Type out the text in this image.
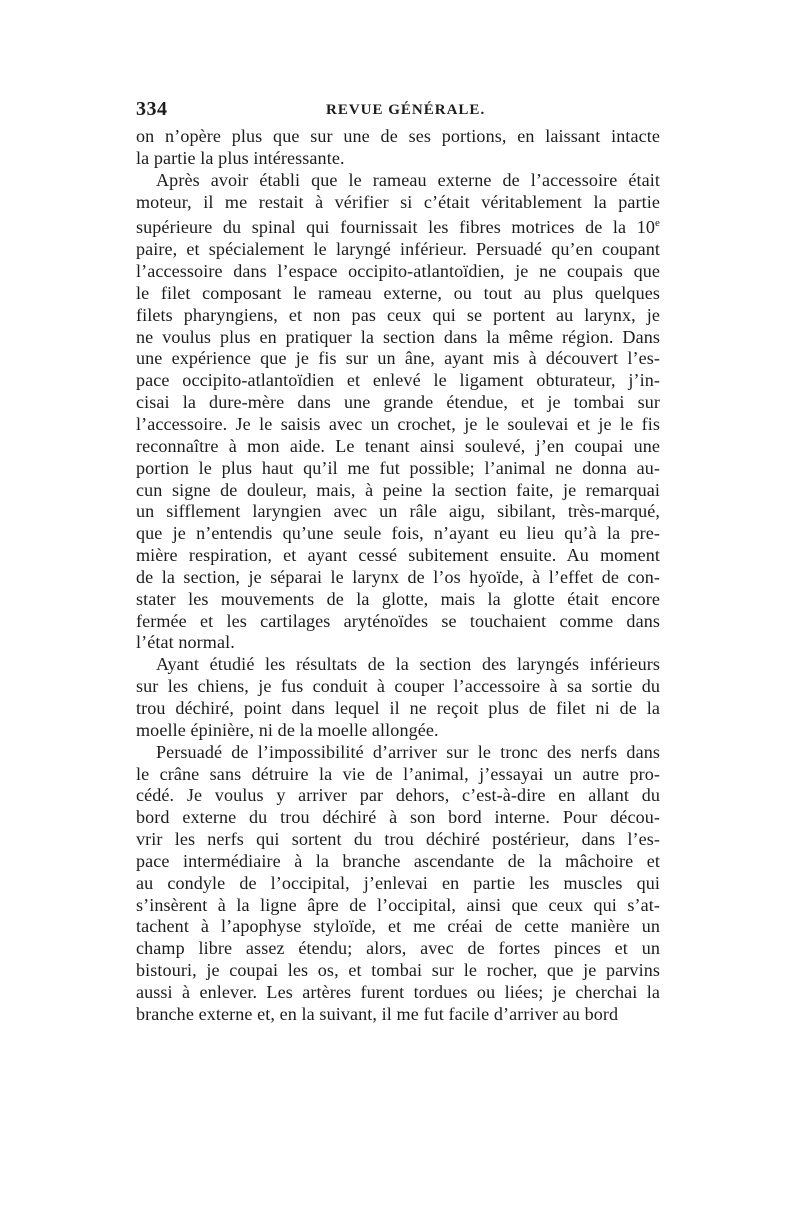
334	REVUE GÉNÉRALE.
on n’opère plus que sur une de ses portions, en laissant intacte
la partie la plus intéressante.
Après avoir établi que le rameau externe de l’accessoire était
moteur, il me restait à vérifier si c’était véritablement la partie
supérieure du spinal qui fournissait les fibres motrices de la 10e
paire, et spécialement le laryngé inférieur. Persuadé qu’en coupant
l’accessoire dans l’espace occipito-atlantoïdien, je ne coupais que
le filet composant le rameau externe, ou tout au plus quelques
filets pharyngiens, et non pas ceux qui se portent au larynx, je
ne voulus plus en pratiquer la section dans la même région. Dans
une expérience que je fis sur un âne, ayant mis à découvert l’es-
pace occipito-atlantoïdien et enlevé le ligament obturateur, j’in-
cisai la dure-mère dans une grande étendue, et je tombai sur
l’accessoire. Je le saisis avec un crochet, je le soulevai et je le fis
reconnaître à mon aide. Le tenant ainsi soulevé, j’en coupai une
portion le plus haut qu’il me fut possible; l’animal ne donna au-
cun signe de douleur, mais, à peine la section faite, je remarquai
un sifflement laryngien avec un râle aigu, sibilant, très-marqué,
que je n’entendis qu’une seule fois, n’ayant eu lieu qu’à la pre-
mière respiration, et ayant cessé subitement ensuite. Au moment
de la section, je séparai le larynx de l’os hyoïde, à l’effet de con-
stater les mouvements de la glotte, mais la glotte était encore
fermée et les cartilages aryténoïdes se touchaient comme dans
l’état normal.
Ayant étudié les résultats de la section des laryngés inférieurs
sur les chiens, je fus conduit à couper l’accessoire à sa sortie du
trou déchiré, point dans lequel il ne reçoit plus de filet ni de la
moelle épinière, ni de la moelle allongée.
Persuadé de l’impossibilité d’arriver sur le tronc des nerfs dans
le crâne sans détruire la vie de l’animal, j’essayai un autre pro-
cédé. Je voulus y arriver par dehors, c’est-à-dire en allant du
bord externe du trou déchiré à son bord interne. Pour décou-
vrir les nerfs qui sortent du trou déchiré postérieur, dans l’es-
pace intermédiaire à la branche ascendante de la mâchoire et
au condyle de l’occipital, j’enlevai en partie les muscles qui
s’insèrent à la ligne âpre de l’occipital, ainsi que ceux qui s’at-
tachent à l’apophyse styloïde, et me créai de cette manière un
champ libre assez étendu; alors, avec de fortes pinces et un
bistouri, je coupai les os, et tombai sur le rocher, que je parvins
aussi à enlever. Les artères furent tordues ou liées; je cherchai la
branche externe et, en la suivant, il me fut facile d’arriver au bord
